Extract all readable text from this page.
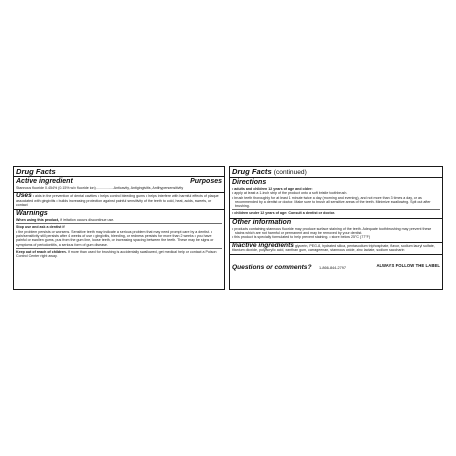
Drug Facts
Active ingredient	Purposes
Stannous fluoride 0.454% (0.15% w/v fluoride ion)..................Anticavity, Antigingivitis, Antihypersensitivity
Uses • aids in the prevention of dental cavities • helps control bleeding gums • helps interfere with harmful effects of plaque associated with gingivitis • builds increasing protection against painful sensitivity of the teeth to cold, heat, acids, sweets, or contact
Warnings
When using this product, if irritation occurs discontinue use.
Stop use and ask a dentist if
• the problem persists or worsens. Sensitive teeth may indicate a serious problem that may need prompt care by a dentist. • pain/sensitivity still persists after 4 weeks of use • gingivitis, bleeding, or redness persists for more than 2 weeks • you have painful or swollen gums, pus from the gum line, loose teeth, or increasing spacing between the teeth. These may be signs or symptoms of periodontitis, a serious form of gum disease.
Keep out of reach of children. If more than used for brushing is accidentally swallowed, get medical help or contact a Poison Control Center right away.
Drug Facts (continued)
Directions
• adults and children 12 years of age and older:
• apply at least a 1-inch strip of the product onto a soft bristle toothbrush.
• brush teeth thoroughly for at least 1 minute twice a day (morning and evening), and not more than 3 times a day, or as recommended by a dentist or doctor. Make sure to brush all sensitive areas of the teeth. Minimize swallowing. Spit out after brushing.
• children under 12 years of age: Consult a dentist or doctor.
Other information
• products containing stannous fluoride may produce surface staining of the teeth. Adequate toothbrushing may prevent these stains which are not harmful or permanent and may be removed by your dentist.
• this product is specially formulated to help prevent staining. • store below 25°C (77°F)
Inactive ingredients glycerin, PEG-8, hydrated silica, pentasodium triphosphate, flavor, sodium lauryl sulfate, titanium dioxide, polyacrylic acid, xanthan gum, carrageenan, stannous oxide, zinc lactate, sodium saccharin
Questions or comments? 1-866-844-2797
ALWAYS FOLLOW THE LABEL
